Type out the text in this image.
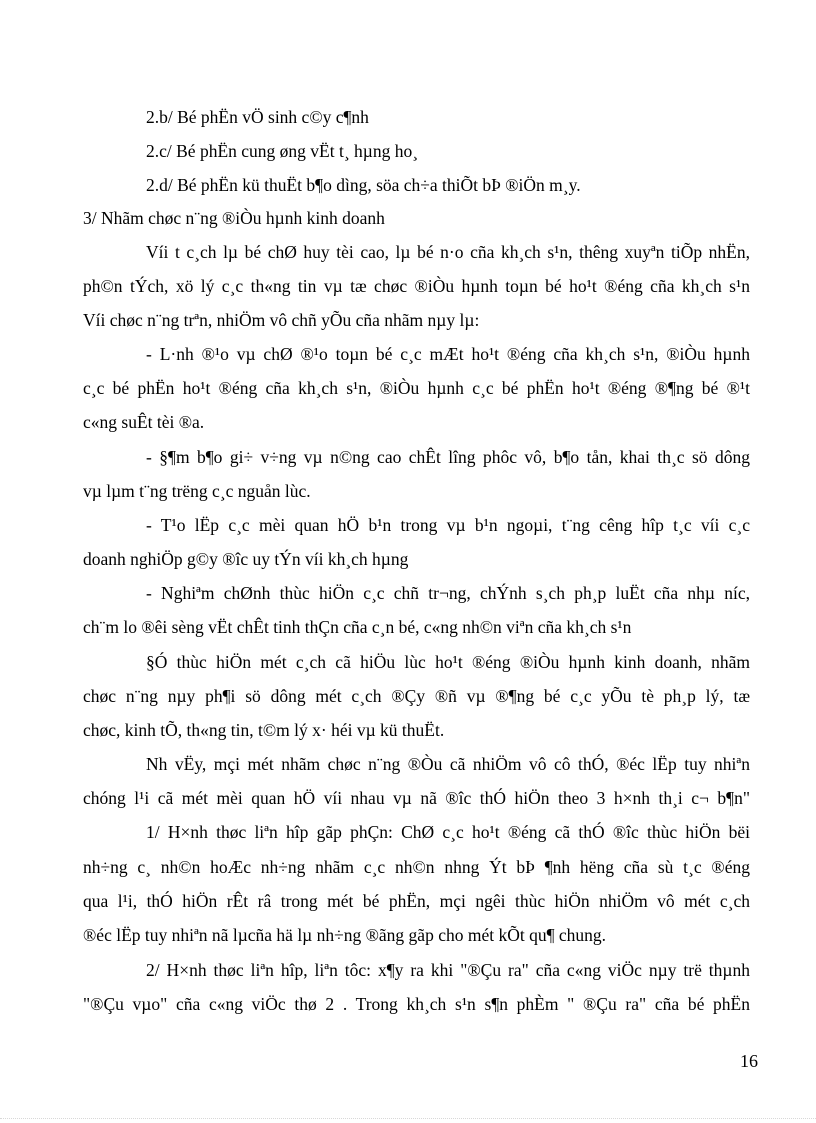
2.b/ Bé phËn vÖ sinh c©y c¶nh
2.c/ Bé phËn cung øng vËt t¸ hµng ho¸
2.d/ Bé phËn kü thuËt b¶o dìng, söa ch÷a thiÕt bÞ ®iÖn m¸y.
3/ Nhãm chøc n¨ng ®iÒu hµnh kinh doanh
Víi t c¸ch lµ bé chØ huy tèi cao, lµ bé n·o cña kh¸ch s¹n, thêng xuyªn tiÕp nhËn,
ph©n tÝch, xö lý c¸c th«ng tin vµ tæ chøc ®iÒu hµnh toµn bé ho¹t ®éng cña kh¸ch s¹n
Víi chøc n¨ng trªn, nhiÖm vô chñ yÕu cña nhãm nµy lµ:
- L·nh ®¹o vµ chØ ®¹o toµn bé c¸c mÆt ho¹t ®éng cña kh¸ch s¹n, ®iÒu hµnh
c¸c bé phËn ho¹t ®éng cña kh¸ch s¹n, ®iÒu hµnh c¸c bé phËn ho¹t ®éng ®¶ng bé ®¹t
c«ng suÊt tèi ®a.
- §¶m b¶o gi÷ v÷ng vµ n©ng cao chÊt lîng phôc vô, b¶o tån, khai th¸c sö dông
vµ lµm t¨ng trëng c¸c nguån lùc.
- T¹o lËp c¸c mèi quan hÖ b¹n trong vµ b¹n ngoµi, t¨ng cêng hîp t¸c víi c¸c
doanh nghiÖp g©y ®îc uy tÝn víi kh¸ch hµng
- Nghiªm chØnh thùc hiÖn c¸c chñ tr¬ng, chÝnh s¸ch ph¸p luËt cña nhµ níc,
ch¨m lo ®êi sèng vËt chÊt tinh thÇn cña c¸n bé, c«ng nh©n viªn cña kh¸ch s¹n
§Ó thùc hiÖn mét c¸ch cã hiÖu lùc ho¹t ®éng ®iÒu hµnh kinh doanh, nhãm
chøc n¨ng nµy ph¶i sö dông mét c¸ch ®Çy ®ñ vµ ®¶ng bé c¸c yÕu tè ph¸p lý, tæ
chøc, kinh tÕ, th«ng tin, t©m lý x· héi vµ kü thuËt.
Nh vËy, mçi mét nhãm chøc n¨ng ®Òu cã nhiÖm vô cô thÓ, ®éc lËp tuy nhiªn
chóng l¹i cã mét mèi quan hÖ víi nhau vµ nã ®îc thÓ hiÖn theo 3 h×nh th¸i c¬ b¶n"
1/ H×nh thøc liªn hîp gãp phÇn: ChØ c¸c ho¹t ®éng cã thÓ ®îc thùc hiÖn bëi
nh÷ng c¸ nh©n hoÆc nh÷ng nhãm c¸c nh©n nhng Ýt bÞ ¶nh hëng cña sù t¸c ®éng
qua l¹i, thÓ hiÖn rÊt râ trong mét bé phËn, mçi ngêi thùc hiÖn nhiÖm vô mét c¸ch
®éc lËp tuy nhiªn nã lµcña hä lµ nh÷ng ®ãng gãp cho mét kÕt qu¶ chung.
2/ H×nh thøc liªn hîp, liªn tôc: x¶y ra khi "®Çu ra" cña c«ng viÖc nµy trë thµnh
"®Çu vµo" cña c«ng viÖc thø 2 . Trong kh¸ch s¹n s¶n phÈm " ®Çu ra" cña bé phËn
16
